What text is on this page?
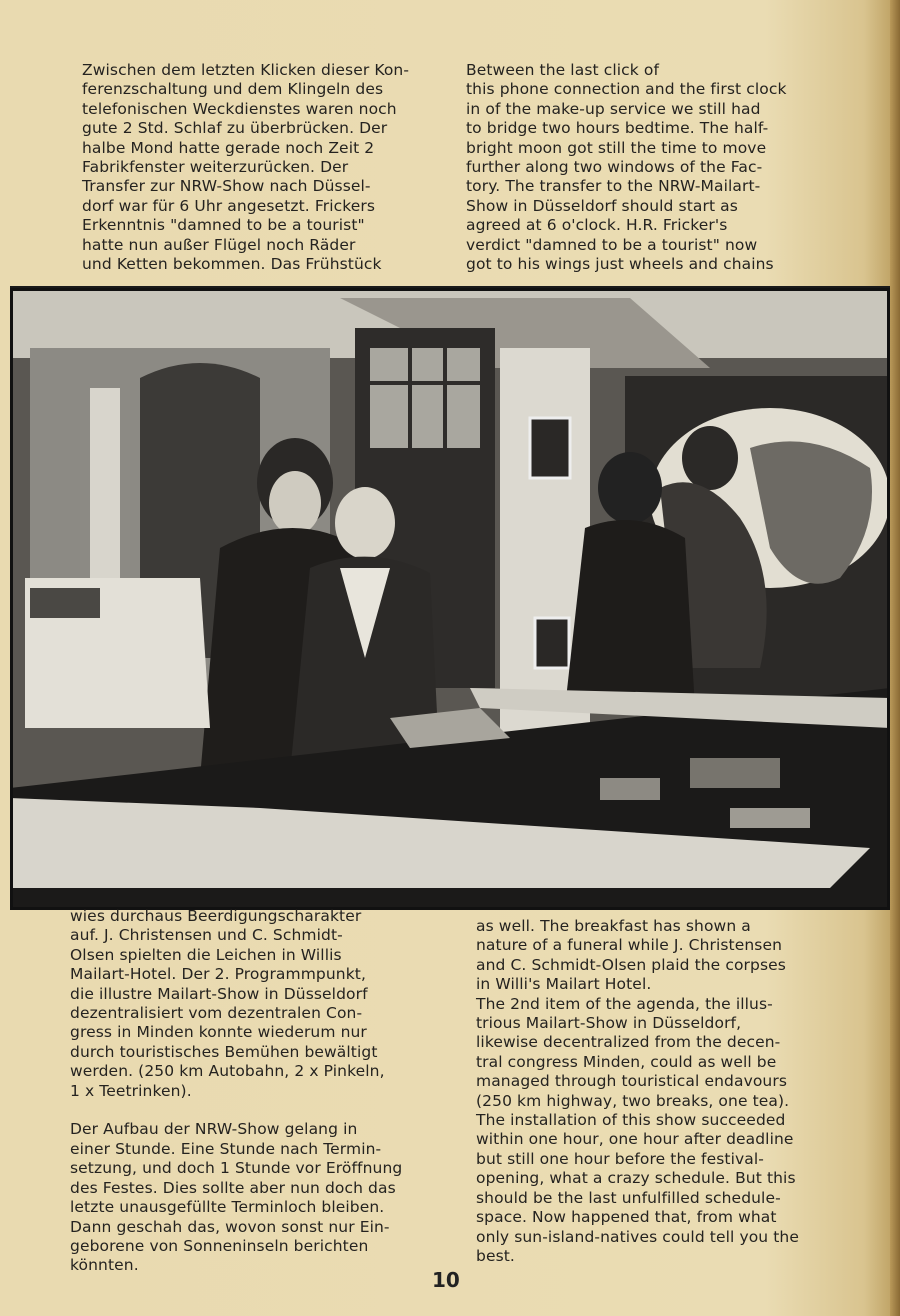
Zwischen dem letzten Klicken dieser Kon-
ferenzschaltung und dem Klingeln des
telefonischen Weckdienstes waren noch
gute 2 Std. Schlaf zu überbrücken. Der
halbe Mond hatte gerade noch Zeit 2
Fabrikfenster weiterzurücken. Der
Transfer zur NRW-Show nach Düssel-
dorf war für 6 Uhr angesetzt. Frickers
Erkenntnis "damned to be a tourist"
hatte nun außer Flügel noch Räder
und Ketten bekommen. Das Frühstück
Between the last click of
this phone connection and the first clock
in of the make-up service we still had
to bridge two hours bedtime. The half-
bright moon got still the time to move
further along two windows of the Fac-
tory. The transfer to the NRW-Mailart-
Show in Düsseldorf should start as
agreed at 6 o'clock. H.R. Fricker's
verdict "damned to be a tourist" now
got to his wings just wheels and chains
wies durchaus Beerdigungscharakter
auf. J. Christensen und C. Schmidt-
Olsen spielten die Leichen in Willis
Mailart-Hotel. Der 2. Programmpunkt,
die illustre Mailart-Show in Düsseldorf
dezentralisiert vom dezentralen Con-
gress in Minden konnte wiederum nur
durch touristisches Bemühen bewältigt
werden. (250 km Autobahn, 2 x Pinkeln,
1 x Teetrinken).

Der Aufbau der NRW-Show gelang in
einer Stunde. Eine Stunde nach Termin-
setzung, und doch 1 Stunde vor Eröffnung
des Festes. Dies sollte aber nun doch das
letzte unausgefüllte Terminloch bleiben.
Dann geschah das, wovon sonst nur Ein-
geborene von Sonneninseln berichten
könnten.
as well. The breakfast has shown a
nature of a funeral while J. Christensen
and C. Schmidt-Olsen plaid the corpses
in Willi's Mailart Hotel.
The 2nd item of the agenda, the illus-
trious Mailart-Show in Düsseldorf,
likewise decentralized from the decen-
tral congress Minden, could as well be
managed through touristical endavours
(250 km highway, two breaks, one tea).
The installation of this show succeeded
within one hour, one hour after deadline
but still one hour before the festival-
opening, what a crazy schedule. But this
should be the last unfulfilled schedule-
space. Now happened that, from what
only sun-island-natives could tell you the
best.
10
